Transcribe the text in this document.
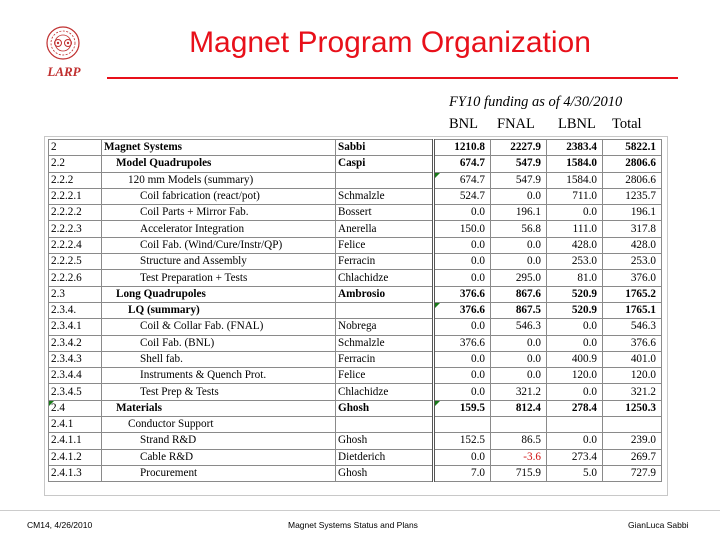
LARP
Magnet Program Organization
FY10 funding as of 4/30/2010
BNL FNAL LBNL Total
2	Magnet Systems	Sabbi	1210.8	2227.9	2383.4	5822.1
2.2	Model Quadrupoles	Caspi	674.7	547.9	1584.0	2806.6
2.2.2	120 mm Models (summary)		674.7	547.9	1584.0	2806.6
2.2.2.1	Coil fabrication (react/pot)	Schmalzle	524.7	0.0	711.0	1235.7
2.2.2.2	Coil Parts + Mirror Fab.	Bossert	0.0	196.1	0.0	196.1
2.2.2.3	Accelerator Integration	Anerella	150.0	56.8	111.0	317.8
2.2.2.4	Coil Fab. (Wind/Cure/Instr/QP)	Felice	0.0	0.0	428.0	428.0
2.2.2.5	Structure and Assembly	Ferracin	0.0	0.0	253.0	253.0
2.2.2.6	Test Preparation + Tests	Chlachidze	0.0	295.0	81.0	376.0
2.3	Long Quadrupoles	Ambrosio	376.6	867.6	520.9	1765.2
2.3.4.	LQ (summary)		376.6	867.5	520.9	1765.1
2.3.4.1	Coil & Collar Fab. (FNAL)	Nobrega	0.0	546.3	0.0	546.3
2.3.4.2	Coil Fab. (BNL)	Schmalzle	376.6	0.0	0.0	376.6
2.3.4.3	Shell fab.	Ferracin	0.0	0.0	400.9	401.0
2.3.4.4	Instruments & Quench Prot.	Felice	0.0	0.0	120.0	120.0
2.3.4.5	Test Prep & Tests	Chlachidze	0.0	321.2	0.0	321.2
2.4	Materials	Ghosh	159.5	812.4	278.4	1250.3
2.4.1	Conductor Support					
2.4.1.1	Strand R&D	Ghosh	152.5	86.5	0.0	239.0
2.4.1.2	Cable R&D	Dietderich	0.0	-3.6	273.4	269.7
2.4.1.3	Procurement	Ghosh	7.0	715.9	5.0	727.9
CM14, 4/26/2010	Magnet Systems Status and Plans	GianLuca Sabbi
